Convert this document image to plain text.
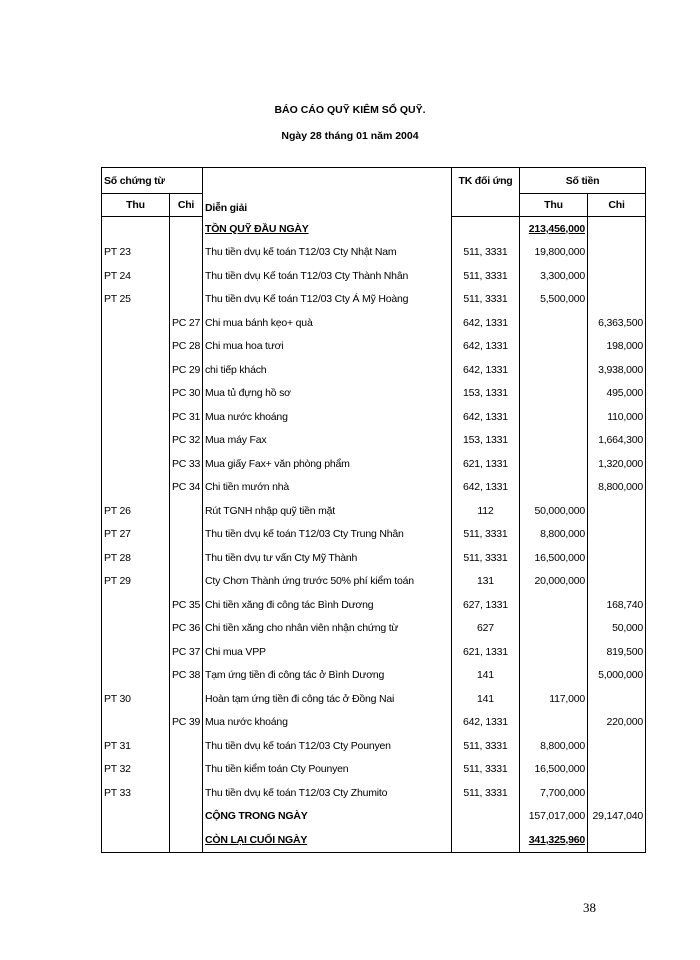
BÁO CÁO QUỸ KIÊM SỔ QUỸ.
Ngày 28 tháng 01 năm 2004
Số chứng từ		Diễn giải	TK đối ứng	Số tiền	
Thu	Chi			Thu	Chi
		TỒN QUỸ ĐẦU NGÀY		213,456,000	
PT 23		Thu tiền dvụ kế toán T12/03 Cty Nhật Nam	511, 3331	19,800,000	
PT 24		Thu tiền dvụ Kế toán T12/03 Cty Thành Nhân	511, 3331	3,300,000	
PT 25		Thu tiền dvụ Kế toán T12/03 Cty Á Mỹ Hoàng	511, 3331	5,500,000	
	PC 27	Chi mua bánh kẹo+ quà	642, 1331		6,363,500
	PC 28	Chi mua hoa tươi	642, 1331		198,000
	PC 29	chi tiếp khách	642, 1331		3,938,000
	PC 30	Mua tủ đựng hồ sơ	153, 1331		495,000
	PC 31	Mua nước khoáng	642, 1331		110,000
	PC 32	Mua máy Fax	153, 1331		1,664,300
	PC 33	Mua giấy Fax+ văn phòng phẩm	621, 1331		1,320,000
	PC 34	Chi tiền mướn nhà	642, 1331		8,800,000
PT 26		Rút TGNH nhập quỹ tiền mặt	112	50,000,000	
PT 27		Thu tiền dvụ kế toán T12/03 Cty Trung Nhân	511, 3331	8,800,000	
PT 28		Thu tiền dvụ tư vấn Cty Mỹ Thành	511, 3331	16,500,000	
PT 29		Cty Chơn Thành ứng trước 50% phí kiểm toán	131	20,000,000	
	PC 35	Chi tiền xăng đi công tác Bình Dương	627, 1331		168,740
	PC 36	Chi tiền xăng cho nhân viên nhận chứng từ	627		50,000
	PC 37	Chi mua VPP	621, 1331		819,500
	PC 38	Tạm ứng tiền đi công tác ở Bình Dương	141		5,000,000
PT 30		Hoàn tạm ứng tiền đi công tác ở Đồng Nai	141	117,000	
	PC 39	Mua nước khoáng	642, 1331		220,000
PT 31		Thu tiền dvụ kế toán T12/03 Cty Pounyen	511, 3331	8,800,000	
PT 32		Thu tiền kiểm toán Cty Pounyen	511, 3331	16,500,000	
PT 33		Thu tiền dvụ kế toán T12/03 Cty Zhumito	511, 3331	7,700,000	
		CỘNG TRONG NGÀY		157,017,000	29,147,040
		CÒN LẠI CUỐI NGÀY		341,325,960	
38
